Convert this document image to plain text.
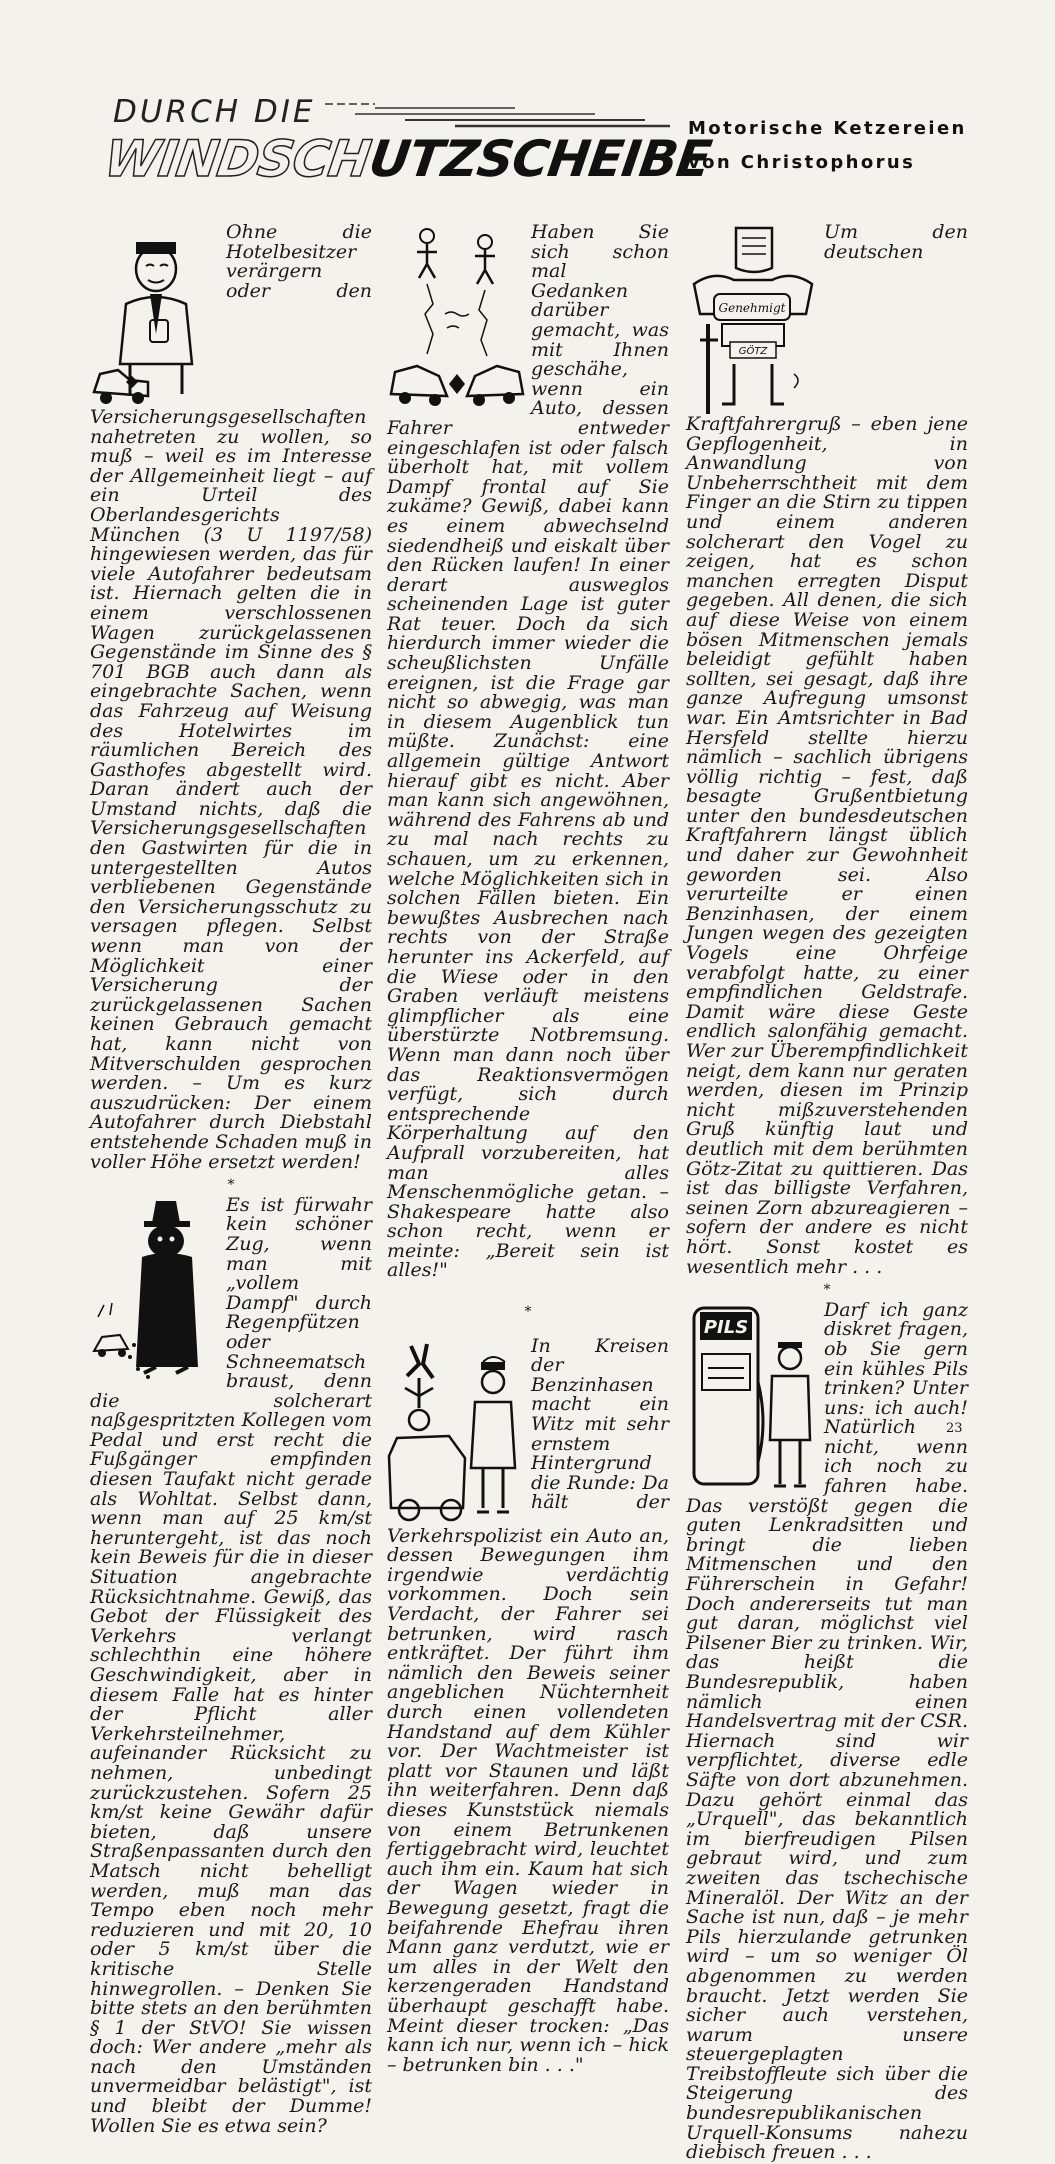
DURCH DIE
WINDSCHUTZSCHEIBE
Motorische Ketzereien
von Christophorus

Ohne die Hotelbesitzer verärgern oder den Versicherungsgesellschaften nahetreten zu wollen, so muß – weil es im Interesse der Allgemeinheit liegt – auf ein Urteil des Oberlandesgerichts München (3 U 1197/58) hingewiesen werden, das für viele Autofahrer bedeutsam ist. Hiernach gelten die in einem verschlossenen Wagen zurückgelassenen Gegenstände im Sinne des § 701 BGB auch dann als eingebrachte Sachen, wenn das Fahrzeug auf Weisung des Hotelwirtes im räumlichen Bereich des Gasthofes abgestellt wird. Daran ändert auch der Umstand nichts, daß die Versicherungsgesellschaften den Gastwirten für die in untergestellten Autos verbliebenen Gegenstände den Versicherungsschutz zu versagen pflegen. Selbst wenn man von der Möglichkeit einer Versicherung der zurückgelassenen Sachen keinen Gebrauch gemacht hat, kann nicht von Mitverschulden gesprochen werden. – Um es kurz auszudrücken: Der einem Autofahrer durch Diebstahl entstehende Schaden muß in voller Höhe ersetzt werden!

*

Es ist fürwahr kein schöner Zug, wenn man mit „vollem Dampf" durch Regenpfützen oder Schneematsch braust, denn die solcherart naßgespritzten Kollegen vom Pedal und erst recht die Fußgänger empfinden diesen Taufakt nicht gerade als Wohltat. Selbst dann, wenn man auf 25 km/st heruntergeht, ist das noch kein Beweis für die in dieser Situation angebrachte Rücksichtnahme. Gewiß, das Gebot der Flüssigkeit des Verkehrs verlangt schlechthin eine höhere Geschwindigkeit, aber in diesem Falle hat es hinter der Pflicht aller Verkehrsteilnehmer, aufeinander Rücksicht zu nehmen, unbedingt zurückzustehen. Sofern 25 km/st keine Gewähr dafür bieten, daß unsere Straßenpassanten durch den Matsch nicht behelligt werden, muß man das Tempo eben noch mehr reduzieren und mit 20, 10 oder 5 km/st über die kritische Stelle hinwegrollen. – Denken Sie bitte stets an den berühmten § 1 der StVO! Sie wissen doch: Wer andere „mehr als nach den Umständen unvermeidbar belästigt", ist und bleibt der Dumme! Wollen Sie es etwa sein?

Haben Sie sich schon mal Gedanken darüber gemacht, was mit Ihnen geschähe, wenn ein Auto, dessen Fahrer entweder eingeschlafen ist oder falsch überholt hat, mit vollem Dampf frontal auf Sie zukäme? Gewiß, dabei kann es einem abwechselnd siedendheiß und eiskalt über den Rücken laufen! In einer derart ausweglos scheinenden Lage ist guter Rat teuer. Doch da sich hierdurch immer wieder die scheußlichsten Unfälle ereignen, ist die Frage gar nicht so abwegig, was man in diesem Augenblick tun müßte. Zunächst: eine allgemein gültige Antwort hierauf gibt es nicht. Aber man kann sich angewöhnen, während des Fahrens ab und zu mal nach rechts zu schauen, um zu erkennen, welche Möglichkeiten sich in solchen Fällen bieten. Ein bewußtes Ausbrechen nach rechts von der Straße herunter ins Ackerfeld, auf die Wiese oder in den Graben verläuft meistens glimpflicher als eine überstürzte Notbremsung. Wenn man dann noch über das Reaktionsvermögen verfügt, sich durch entsprechende Körperhaltung auf den Aufprall vorzubereiten, hat man alles Menschenmögliche getan. – Shakespeare hatte also schon recht, wenn er meinte: „Bereit sein ist alles!"

*

In Kreisen der Benzinhasen macht ein Witz mit sehr ernstem Hintergrund die Runde: Da hält der Verkehrspolizist ein Auto an, dessen Bewegungen ihm irgendwie verdächtig vorkommen. Doch sein Verdacht, der Fahrer sei betrunken, wird rasch entkräftet. Der führt ihm nämlich den Beweis seiner angeblichen Nüchternheit durch einen vollendeten Handstand auf dem Kühler vor. Der Wachtmeister ist platt vor Staunen und läßt ihn weiterfahren. Denn daß dieses Kunststück niemals von einem Betrunkenen fertiggebracht wird, leuchtet auch ihm ein. Kaum hat sich der Wagen wieder in Bewegung gesetzt, fragt die beifahrende Ehefrau ihren Mann ganz verdutzt, wie er um alles in der Welt den kerzengeraden Handstand überhaupt geschafft habe. Meint dieser trocken: „Das kann ich nur, wenn ich – hick – betrunken bin . . ."

Genehmigt
GÖTZ

Um den deutschen Kraftfahrergruß – eben jene Gepflogenheit, in Anwandlung von Unbeherrschtheit mit dem Finger an die Stirn zu tippen und einem anderen solcherart den Vogel zu zeigen, hat es schon manchen erregten Disput gegeben. All denen, die sich auf diese Weise von einem bösen Mitmenschen jemals beleidigt gefühlt haben sollten, sei gesagt, daß ihre ganze Aufregung umsonst war. Ein Amtsrichter in Bad Hersfeld stellte hierzu nämlich – sachlich übrigens völlig richtig – fest, daß besagte Grußentbietung unter den bundesdeutschen Kraftfahrern längst üblich und daher zur Gewohnheit geworden sei. Also verurteilte er einen Benzinhasen, der einem Jungen wegen des gezeigten Vogels eine Ohrfeige verabfolgt hatte, zu einer empfindlichen Geldstrafe. Damit wäre diese Geste endlich salonfähig gemacht. Wer zur Überempfindlichkeit neigt, dem kann nur geraten werden, diesen im Prinzip nicht mißzuverstehenden Gruß künftig laut und deutlich mit dem berühmten Götz-Zitat zu quittieren. Das ist das billigste Verfahren, seinen Zorn abzureagieren – sofern der andere es nicht hört. Sonst kostet es wesentlich mehr . . .

*
PILS

Darf ich ganz diskret fragen, ob Sie gern ein kühles Pils trinken? Unter uns: ich auch! Natürlich nicht, wenn ich noch zu fahren habe. Das verstößt gegen die guten Lenkradsitten und bringt die lieben Mitmenschen und den Führerschein in Gefahr! Doch andererseits tut man gut daran, möglichst viel Pilsener Bier zu trinken. Wir, das heißt die Bundesrepublik, haben nämlich einen Handelsvertrag mit der CSR. Hiernach sind wir verpflichtet, diverse edle Säfte von dort abzunehmen. Dazu gehört einmal das „Urquell", das bekanntlich im bierfreudigen Pilsen gebraut wird, und zum zweiten das tschechische Mineralöl. Der Witz an der Sache ist nun, daß – je mehr Pils hierzulande getrunken wird – um so weniger Öl abgenommen zu werden braucht. Jetzt werden Sie sicher auch verstehen, warum unsere steuergeplagten Treibstoffleute sich über die Steigerung des bundesrepublikanischen Urquell-Konsums nahezu diebisch freuen . . .

23
